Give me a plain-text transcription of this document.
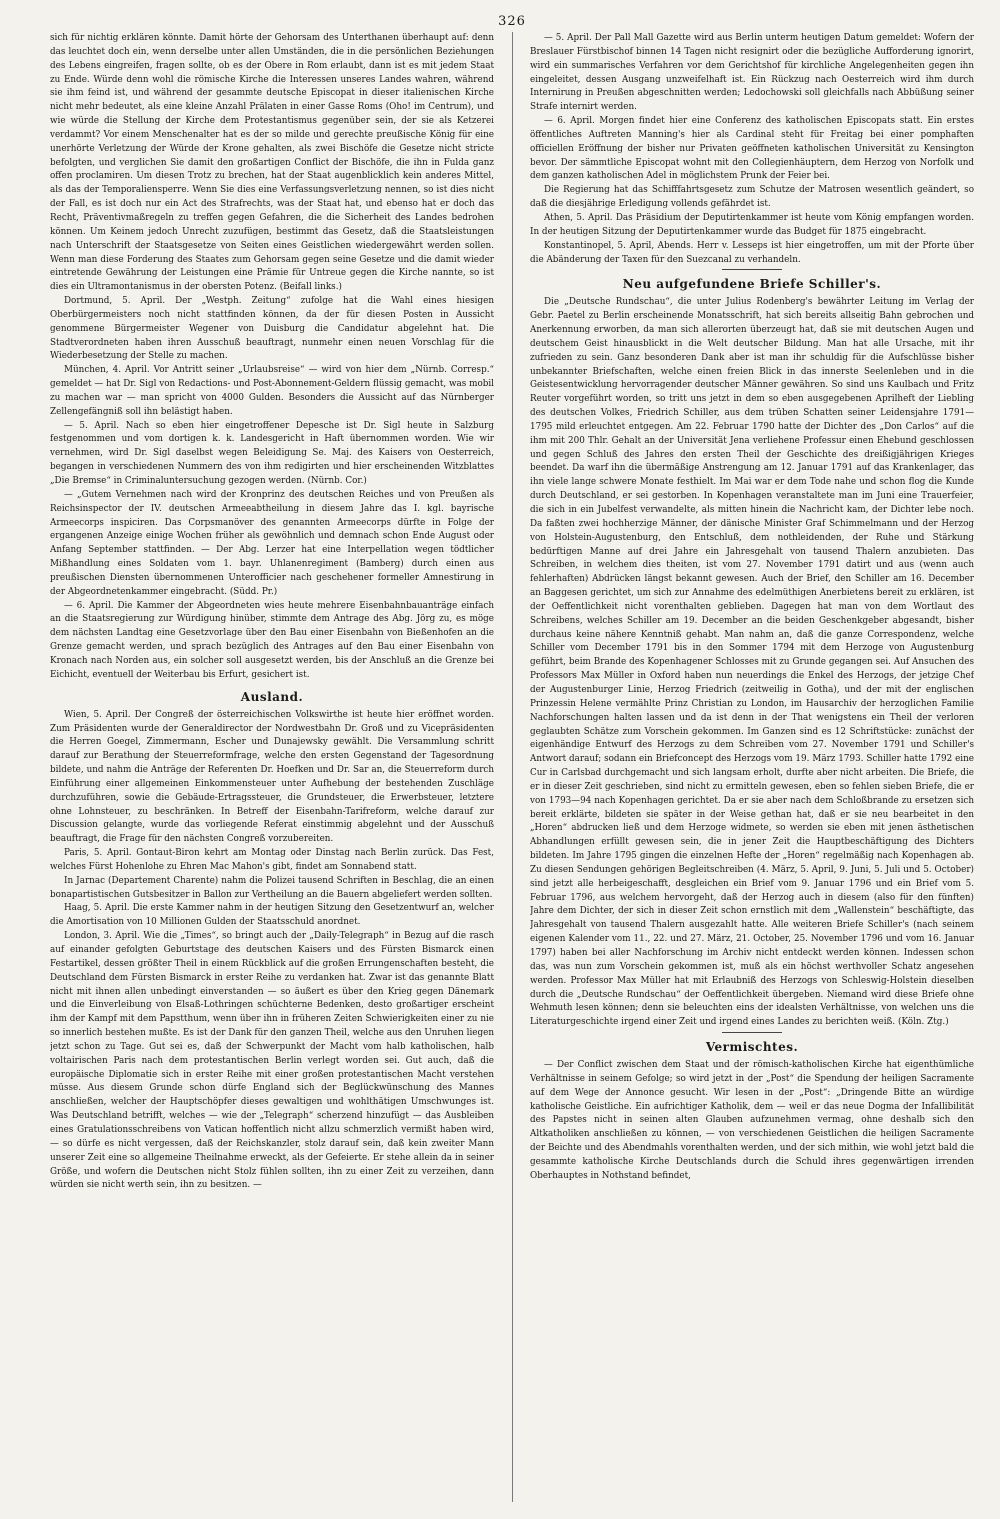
326

sich für nichtig erklären könnte. Damit hörte der Gehorsam des Unterthanen überhaupt auf: denn das leuchtet doch ein, wenn derselbe unter allen Umständen, die in die persönlichen Beziehungen des Lebens eingreifen, fragen sollte, ob es der Obere in Rom erlaubt, dann ist es mit jedem Staat zu Ende. Würde denn wohl die römische Kirche die Interessen unseres Landes wahren, während sie ihm feind ist, und während der gesammte deutsche Episcopat in dieser italienischen Kirche nicht mehr bedeutet, als eine kleine Anzahl Prälaten in einer Gasse Roms (Oho! im Centrum), und wie würde die Stellung der Kirche dem Protestantismus gegenüber sein, der sie als Ketzerei verdammt? Vor einem Menschenalter hat es der so milde und gerechte preußische König für eine unerhörte Verletzung der Würde der Krone gehalten, als zwei Bischöfe die Gesetze nicht stricte befolgten, und verglichen Sie damit den großartigen Conflict der Bischöfe, die ihn in Fulda ganz offen proclamiren. Um diesen Trotz zu brechen, hat der Staat augenblicklich kein anderes Mittel, als das der Temporaliensperre. Wenn Sie dies eine Verfassungsverletzung nennen, so ist dies nicht der Fall, es ist doch nur ein Act des Strafrechts, was der Staat hat, und ebenso hat er doch das Recht, Präventivmaßregeln zu treffen gegen Gefahren, die die Sicherheit des Landes bedrohen können. Um Keinem jedoch Unrecht zuzufügen, bestimmt das Gesetz, daß die Staatsleistungen nach Unterschrift der Staatsgesetze von Seiten eines Geistlichen wiedergewährt werden sollen. Wenn man diese Forderung des Staates zum Gehorsam gegen seine Gesetze und die damit wieder eintretende Gewährung der Leistungen eine Prämie für Untreue gegen die Kirche nannte, so ist dies ein Ultramontanismus in der obersten Potenz. (Beifall links.)

Dortmund, 5. April. Der „Westph. Zeitung“ zufolge hat die Wahl eines hiesigen Oberbürgermeisters noch nicht stattfinden können, da der für diesen Posten in Aussicht genommene Bürgermeister Wegener von Duisburg die Candidatur abgelehnt hat. Die Stadtverordneten haben ihren Ausschuß beauftragt, nunmehr einen neuen Vorschlag für die Wiederbesetzung der Stelle zu machen.

München, 4. April. Vor Antritt seiner „Urlaubsreise“ — wird von hier dem „Nürnb. Corresp.“ gemeldet — hat Dr. Sigl von Redactions- und Post-Abonnement-Geldern flüssig gemacht, was mobil zu machen war — man spricht von 4000 Gulden. Besonders die Aussicht auf das Nürnberger Zellengefängniß soll ihn belästigt haben.

— 5. April. Nach so eben hier eingetroffener Depesche ist Dr. Sigl heute in Salzburg festgenommen und vom dortigen k. k. Landesgericht in Haft übernommen worden. Wie wir vernehmen, wird Dr. Sigl daselbst wegen Beleidigung Se. Maj. des Kaisers von Oesterreich, begangen in verschiedenen Nummern des von ihm redigirten und hier erscheinenden Witzblattes „Die Bremse“ in Criminaluntersuchung gezogen werden. (Nürnb. Cor.)

— „Gutem Vernehmen nach wird der Kronprinz des deutschen Reiches und von Preußen als Reichsinspector der IV. deutschen Armeeabtheilung in diesem Jahre das I. kgl. bayrische Armeecorps inspiciren. Das Corpsmanöver des genannten Armeecorps dürfte in Folge der ergangenen Anzeige einige Wochen früher als gewöhnlich und demnach schon Ende August oder Anfang September stattfinden. — Der Abg. Lerzer hat eine Interpellation wegen tödtlicher Mißhandlung eines Soldaten vom 1. bayr. Uhlanenregiment (Bamberg) durch einen aus preußischen Diensten übernommenen Unterofficier nach geschehener formeller Amnestirung in der Abgeordnetenkammer eingebracht. (Südd. Pr.)

— 6. April. Die Kammer der Abgeordneten wies heute mehrere Eisenbahnbauanträge einfach an die Staatsregierung zur Würdigung hinüber, stimmte dem Antrage des Abg. Jörg zu, es möge dem nächsten Landtag eine Gesetzvorlage über den Bau einer Eisenbahn von Bießenhofen an die Grenze gemacht werden, und sprach bezüglich des Antrages auf den Bau einer Eisenbahn von Kronach nach Norden aus, ein solcher soll ausgesetzt werden, bis der Anschluß an die Grenze bei Eichicht, eventuell der Weiterbau bis Erfurt, gesichert ist.

Ausland.

Wien, 5. April. Der Congreß der österreichischen Volkswirthe ist heute hier eröffnet worden. Zum Präsidenten wurde der Generaldirector der Nordwestbahn Dr. Groß und zu Vicepräsidenten die Herren Goegel, Zimmermann, Escher und Dunajewsky gewählt. Die Versammlung schritt darauf zur Berathung der Steuerreformfrage, welche den ersten Gegenstand der Tagesordnung bildete, und nahm die Anträge der Referenten Dr. Hoefken und Dr. Sar an, die Steuerreform durch Einführung einer allgemeinen Einkommensteuer unter Aufhebung der bestehenden Zuschläge durchzuführen, sowie die Gebäude-Ertragssteuer, die Grundsteuer, die Erwerbsteuer, letztere ohne Lohnsteuer, zu beschränken. In Betreff der Eisenbahn-Tarifreform, welche darauf zur Discussion gelangte, wurde das vorliegende Referat einstimmig abgelehnt und der Ausschuß beauftragt, die Frage für den nächsten Congreß vorzubereiten.

Paris, 5. April. Gontaut-Biron kehrt am Montag oder Dinstag nach Berlin zurück. Das Fest, welches Fürst Hohenlohe zu Ehren Mac Mahon's gibt, findet am Sonnabend statt.

In Jarnac (Departement Charente) nahm die Polizei tausend Schriften in Beschlag, die an einen bonapartistischen Gutsbesitzer in Ballon zur Vertheilung an die Bauern abgeliefert werden sollten.

Haag, 5. April. Die erste Kammer nahm in der heutigen Sitzung den Gesetzentwurf an, welcher die Amortisation von 10 Millionen Gulden der Staatsschuld anordnet.

London, 3. April. Wie die „Times“, so bringt auch der „Daily-Telegraph“ in Bezug auf die rasch auf einander gefolgten Geburtstage des deutschen Kaisers und des Fürsten Bismarck einen Festartikel, dessen größter Theil in einem Rückblick auf die großen Errungenschaften besteht, die Deutschland dem Fürsten Bismarck in erster Reihe zu verdanken hat. Zwar ist das genannte Blatt nicht mit ihnen allen unbedingt einverstanden — so äußert es über den Krieg gegen Dänemark und die Einverleibung von Elsaß-Lothringen schüchterne Bedenken, desto großartiger erscheint ihm der Kampf mit dem Papstthum, wenn über ihn in früheren Zeiten Schwierigkeiten einer zu nie so innerlich bestehen mußte. Es ist der Dank für den ganzen Theil, welche aus den Unruhen liegen jetzt schon zu Tage. Gut sei es, daß der Schwerpunkt der Macht vom halb katholischen, halb voltairischen Paris nach dem protestantischen Berlin verlegt worden sei. Gut auch, daß die europäische Diplomatie sich in erster Reihe mit einer großen protestantischen Macht verstehen müsse. Aus diesem Grunde schon dürfe England sich der Beglückwünschung des Mannes anschließen, welcher der Hauptschöpfer dieses gewaltigen und wohlthätigen Umschwunges ist. Was Deutschland betrifft, welches — wie der „Telegraph“ scherzend hinzufügt — das Ausbleiben eines Gratulationsschreibens von Vatican hoffentlich nicht allzu schmerzlich vermißt haben wird, — so dürfe es nicht vergessen, daß der Reichskanzler, stolz darauf sein, daß kein zweiter Mann unserer Zeit eine so allgemeine Theilnahme erweckt, als der Gefeierte. Er stehe allein da in seiner Größe, und wofern die Deutschen nicht Stolz fühlen sollten, ihn zu einer Zeit zu verzeihen, dann würden sie nicht werth sein, ihn zu besitzen. —

— 5. April. Der Pall Mall Gazette wird aus Berlin unterm heutigen Datum gemeldet: Wofern der Breslauer Fürstbischof binnen 14 Tagen nicht resignirt oder die bezügliche Aufforderung ignorirt, wird ein summarisches Verfahren vor dem Gerichtshof für kirchliche Angelegenheiten gegen ihn eingeleitet, dessen Ausgang unzweifelhaft ist. Ein Rückzug nach Oesterreich wird ihm durch Internirung in Preußen abgeschnitten werden; Ledochowski soll gleichfalls nach Abbüßung seiner Strafe internirt werden.

— 6. April. Morgen findet hier eine Conferenz des katholischen Episcopats statt. Ein erstes öffentliches Auftreten Manning's hier als Cardinal steht für Freitag bei einer pomphaften officiellen Eröffnung der bisher nur Privaten geöffneten katholischen Universität zu Kensington bevor. Der sämmtliche Episcopat wohnt mit den Collegienhäuptern, dem Herzog von Norfolk und dem ganzen katholischen Adel in möglichstem Prunk der Feier bei.

Die Regierung hat das Schifffahrtsgesetz zum Schutze der Matrosen wesentlich geändert, so daß die diesjährige Erledigung vollends gefährdet ist.

Athen, 5. April. Das Präsidium der Deputirtenkammer ist heute vom König empfangen worden. In der heutigen Sitzung der Deputirtenkammer wurde das Budget für 1875 eingebracht.

Konstantinopel, 5. April, Abends. Herr v. Lesseps ist hier eingetroffen, um mit der Pforte über die Abänderung der Taxen für den Suezcanal zu verhandeln.

Neu aufgefundene Briefe Schiller's.

Die „Deutsche Rundschau“, die unter Julius Rodenberg's bewährter Leitung im Verlag der Gebr. Paetel zu Berlin erscheinende Monatsschrift, hat sich bereits allseitig Bahn gebrochen und Anerkennung erworben, da man sich allerorten überzeugt hat, daß sie mit deutschen Augen und deutschem Geist hinausblickt in die Welt deutscher Bildung. Man hat alle Ursache, mit ihr zufrieden zu sein. Ganz besonderen Dank aber ist man ihr schuldig für die Aufschlüsse bisher unbekannter Briefschaften, welche einen freien Blick in das innerste Seelenleben und in die Geistesentwicklung hervorragender deutscher Männer gewähren. So sind uns Kaulbach und Fritz Reuter vorgeführt worden, so tritt uns jetzt in dem so eben ausgegebenen Aprilheft der Liebling des deutschen Volkes, Friedrich Schiller, aus dem trüben Schatten seiner Leidensjahre 1791—1795 mild erleuchtet entgegen. Am 22. Februar 1790 hatte der Dichter des „Don Carlos“ auf die ihm mit 200 Thlr. Gehalt an der Universität Jena verliehene Professur einen Ehebund geschlossen und gegen Schluß des Jahres den ersten Theil der Geschichte des dreißigjährigen Krieges beendet. Da warf ihn die übermäßige Anstrengung am 12. Januar 1791 auf das Krankenlager, das ihn viele lange schwere Monate festhielt. Im Mai war er dem Tode nahe und schon flog die Kunde durch Deutschland, er sei gestorben. In Kopenhagen veranstaltete man im Juni eine Trauerfeier, die sich in ein Jubelfest verwandelte, als mitten hinein die Nachricht kam, der Dichter lebe noch. Da faßten zwei hochherzige Männer, der dänische Minister Graf Schimmelmann und der Herzog von Holstein-Augustenburg, den Entschluß, dem nothleidenden, der Ruhe und Stärkung bedürftigen Manne auf drei Jahre ein Jahresgehalt von tausend Thalern anzubieten. Das Schreiben, in welchem dies theiten, ist vom 27. November 1791 datirt und aus (wenn auch fehlerhaften) Abdrücken längst bekannt gewesen. Auch der Brief, den Schiller am 16. December an Baggesen gerichtet, um sich zur Annahme des edelmüthigen Anerbietens bereit zu erklären, ist der Oeffentlichkeit nicht vorenthalten geblieben. Dagegen hat man von dem Wortlaut des Schreibens, welches Schiller am 19. December an die beiden Geschenkgeber abgesandt, bisher durchaus keine nähere Kenntniß gehabt. Man nahm an, daß die ganze Correspondenz, welche Schiller vom December 1791 bis in den Sommer 1794 mit dem Herzoge von Augustenburg geführt, beim Brande des Kopenhagener Schlosses mit zu Grunde gegangen sei. Auf Ansuchen des Professors Max Müller in Oxford haben nun neuerdings die Enkel des Herzogs, der jetzige Chef der Augustenburger Linie, Herzog Friedrich (zeitweilig in Gotha), und der mit der englischen Prinzessin Helene vermählte Prinz Christian zu London, im Hausarchiv der herzoglichen Familie Nachforschungen halten lassen und da ist denn in der That wenigstens ein Theil der verloren geglaubten Schätze zum Vorschein gekommen. Im Ganzen sind es 12 Schriftstücke: zunächst der eigenhändige Entwurf des Herzogs zu dem Schreiben vom 27. November 1791 und Schiller's Antwort darauf; sodann ein Briefconcept des Herzogs vom 19. März 1793. Schiller hatte 1792 eine Cur in Carlsbad durchgemacht und sich langsam erholt, durfte aber nicht arbeiten. Die Briefe, die er in dieser Zeit geschrieben, sind nicht zu ermitteln gewesen, eben so fehlen sieben Briefe, die er von 1793—94 nach Kopenhagen gerichtet. Da er sie aber nach dem Schloßbrande zu ersetzen sich bereit erklärte, bildeten sie später in der Weise gethan hat, daß er sie neu bearbeitet in den „Horen“ abdrucken ließ und dem Herzoge widmete, so werden sie eben mit jenen ästhetischen Abhandlungen erfüllt gewesen sein, die in jener Zeit die Hauptbeschäftigung des Dichters bildeten. Im Jahre 1795 gingen die einzelnen Hefte der „Horen“ regelmäßig nach Kopenhagen ab. Zu diesen Sendungen gehörigen Begleitschreiben (4. März, 5. April, 9. Juni, 5. Juli und 5. October) sind jetzt alle herbeigeschafft, desgleichen ein Brief vom 9. Januar 1796 und ein Brief vom 5. Februar 1796, aus welchem hervorgeht, daß der Herzog auch in diesem (also für den fünften) Jahre dem Dichter, der sich in dieser Zeit schon ernstlich mit dem „Wallenstein“ beschäftigte, das Jahresgehalt von tausend Thalern ausgezahlt hatte. Alle weiteren Briefe Schiller's (nach seinem eigenen Kalender vom 11., 22. und 27. März, 21. October, 25. November 1796 und vom 16. Januar 1797) haben bei aller Nachforschung im Archiv nicht entdeckt werden können. Indessen schon das, was nun zum Vorschein gekommen ist, muß als ein höchst werthvoller Schatz angesehen werden. Professor Max Müller hat mit Erlaubniß des Herzogs von Schleswig-Holstein dieselben durch die „Deutsche Rundschau“ der Oeffentlichkeit übergeben. Niemand wird diese Briefe ohne Wehmuth lesen können; denn sie beleuchten eins der idealsten Verhältnisse, von welchen uns die Literaturgeschichte irgend einer Zeit und irgend eines Landes zu berichten weiß. (Köln. Ztg.)

Vermischtes.

— Der Conflict zwischen dem Staat und der römisch-katholischen Kirche hat eigenthümliche Verhältnisse in seinem Gefolge; so wird jetzt in der „Post“ die Spendung der heiligen Sacramente auf dem Wege der Annonce gesucht. Wir lesen in der „Post“: „Dringende Bitte an würdige katholische Geistliche. Ein aufrichtiger Katholik, dem — weil er das neue Dogma der Infallibilität des Papstes nicht in seinen alten Glauben aufzunehmen vermag, ohne deshalb sich den Altkatholiken anschließen zu können, — von verschiedenen Geistlichen die heiligen Sacramente der Beichte und des Abendmahls vorenthalten werden, und der sich mithin, wie wohl jetzt bald die gesammte katholische Kirche Deutschlands durch die Schuld ihres gegenwärtigen irrenden Oberhauptes in Nothstand befindet,
